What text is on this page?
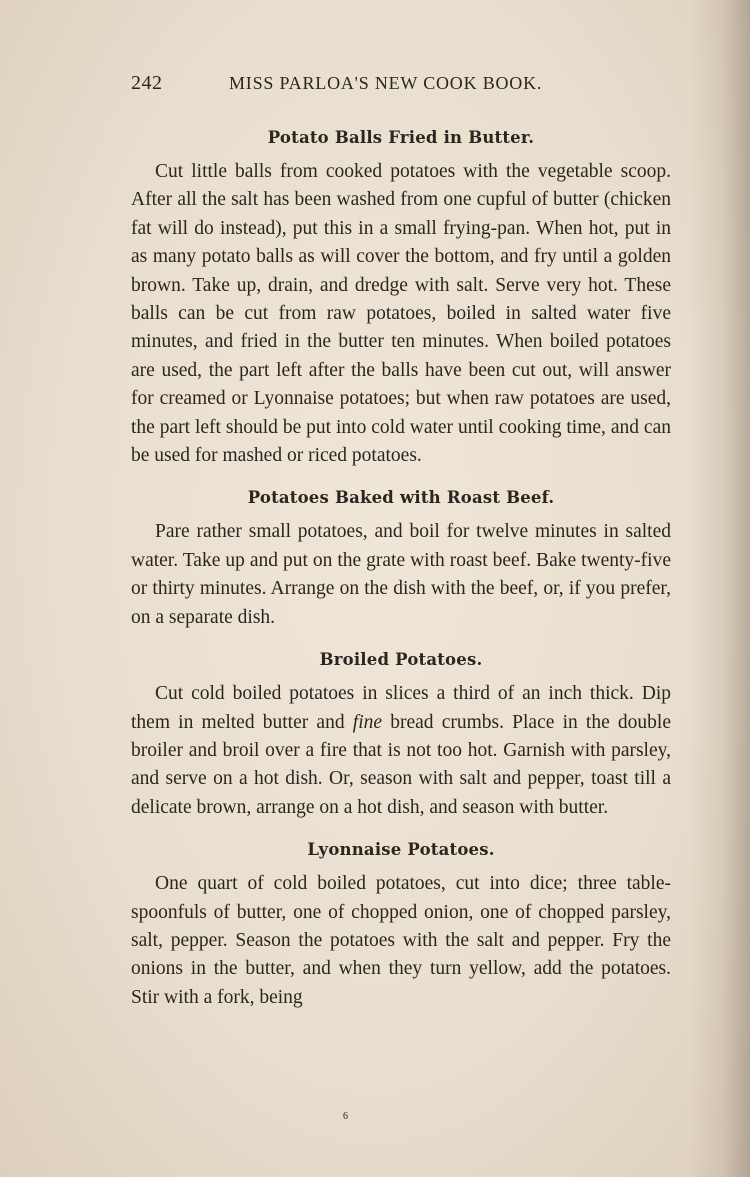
242	MISS PARLOA'S NEW COOK BOOK.
Potato Balls Fried in Butter.

Cut little balls from cooked potatoes with the vegetable scoop. After all the salt has been washed from one cupful of butter (chicken fat will do instead), put this in a small frying-pan. When hot, put in as many potato balls as will cover the bottom, and fry until a golden brown. Take up, drain, and dredge with salt. Serve very hot. These balls can be cut from raw potatoes, boiled in salted water five minutes, and fried in the butter ten minutes. When boiled potatoes are used, the part left after the balls have been cut out, will answer for creamed or Lyonnaise potatoes; but when raw potatoes are used, the part left should be put into cold water until cooking time, and can be used for mashed or riced potatoes.

Potatoes Baked with Roast Beef.

Pare rather small potatoes, and boil for twelve minutes in salted water. Take up and put on the grate with roast beef. Bake twenty-five or thirty minutes. Arrange on the dish with the beef, or, if you prefer, on a separate dish.

Broiled Potatoes.

Cut cold boiled potatoes in slices a third of an inch thick. Dip them in melted butter and fine bread crumbs. Place in the double broiler and broil over a fire that is not too hot. Garnish with parsley, and serve on a hot dish. Or, season with salt and pepper, toast till a delicate brown, arrange on a hot dish, and season with butter.

Lyonnaise Potatoes.

One quart of cold boiled potatoes, cut into dice; three table-spoonfuls of butter, one of chopped onion, one of chopped parsley, salt, pepper. Season the potatoes with the salt and pepper. Fry the onions in the butter, and when they turn yellow, add the potatoes. Stir with a fork, being

6
